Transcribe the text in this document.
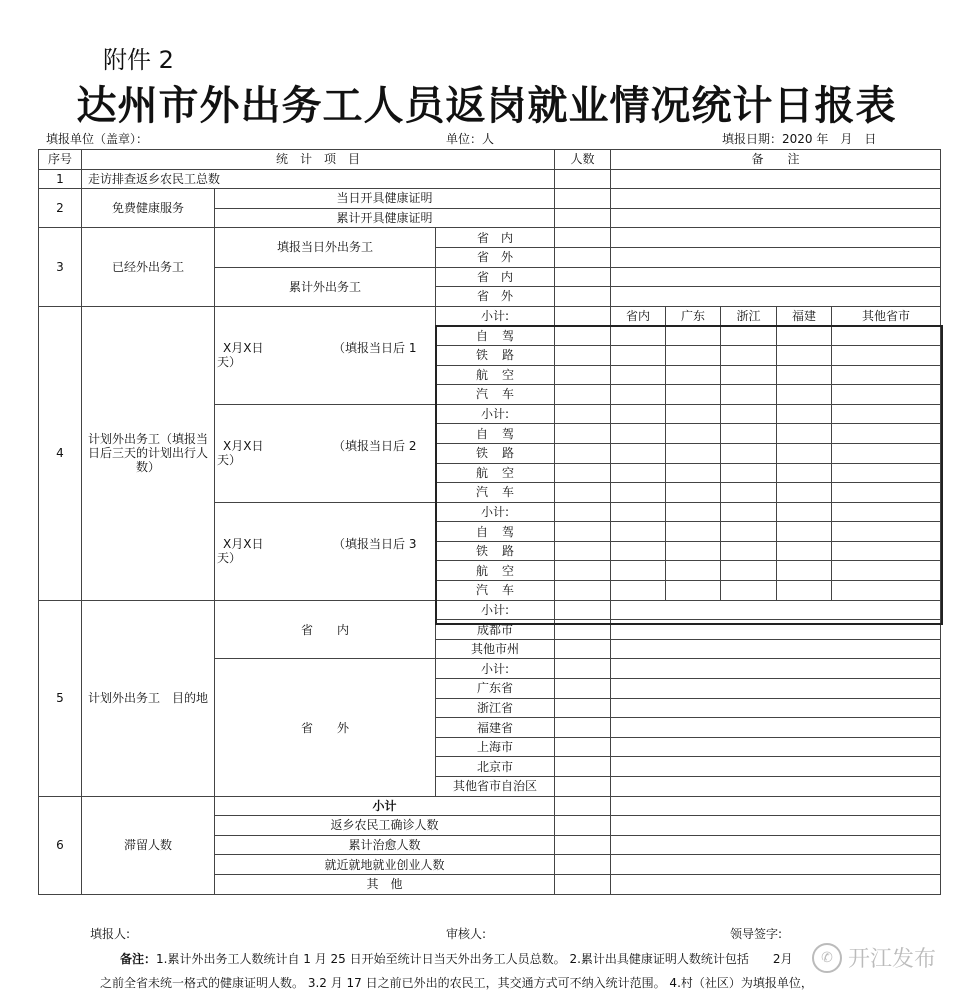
附件 2
达州市外出务工人员返岗就业情况统计日报表
填报单位（盖章）：	单位：人	填报日期：2020 年　月　日
序号	统　计　项　目			人数	备　　注				
1	走访排查返乡农民工总数								
2	免费健康服务	当日开具健康证明							
		累计开具健康证明							
3	已经外出务工	填报当日外出务工	省　内						
			省　外						
		累计外出务工	省　内						
			省　外						
4	计划外出务工（填报当日后三天的计划出行人数）	X月X日 （填报当日后 1 天）	小计:		省内	广东	浙江	福建	其他省市
			自驾						
			铁路						
			航空						
			汽车						
		X月X日 （填报当日后 2 天）	小计:						
			自驾						
			铁路						
			航空						
			汽车						
		X月X日 （填报当日后 3 天）	小计:						
			自驾						
			铁路						
			航空						
			汽车						
5	计划外出务工　目的地	省　　内	小计:						
			成都市						
			其他市州						
		省　　外	小计:						
			广东省						
			浙江省						
			福建省						
			上海市						
			北京市						
			其他省市自治区						
6	滞留人数	小计							
		返乡农民工确诊人数							
		累计治愈人数							
		就近就地就业创业人数							
		其　他							
填报人:	审核人:	领导签字:
备注：1.累计外出务工人数统计自 1 月 25 日开始至统计日当天外出务工人员总数。 2.累计出具健康证明人数统计包括 2月
之前全省未统一格式的健康证明人数。 3.2 月 17 日之前已外出的农民工，其交通方式可不纳入统计范围。 4.村（社区）为填报单位，
✆ 开江发布
